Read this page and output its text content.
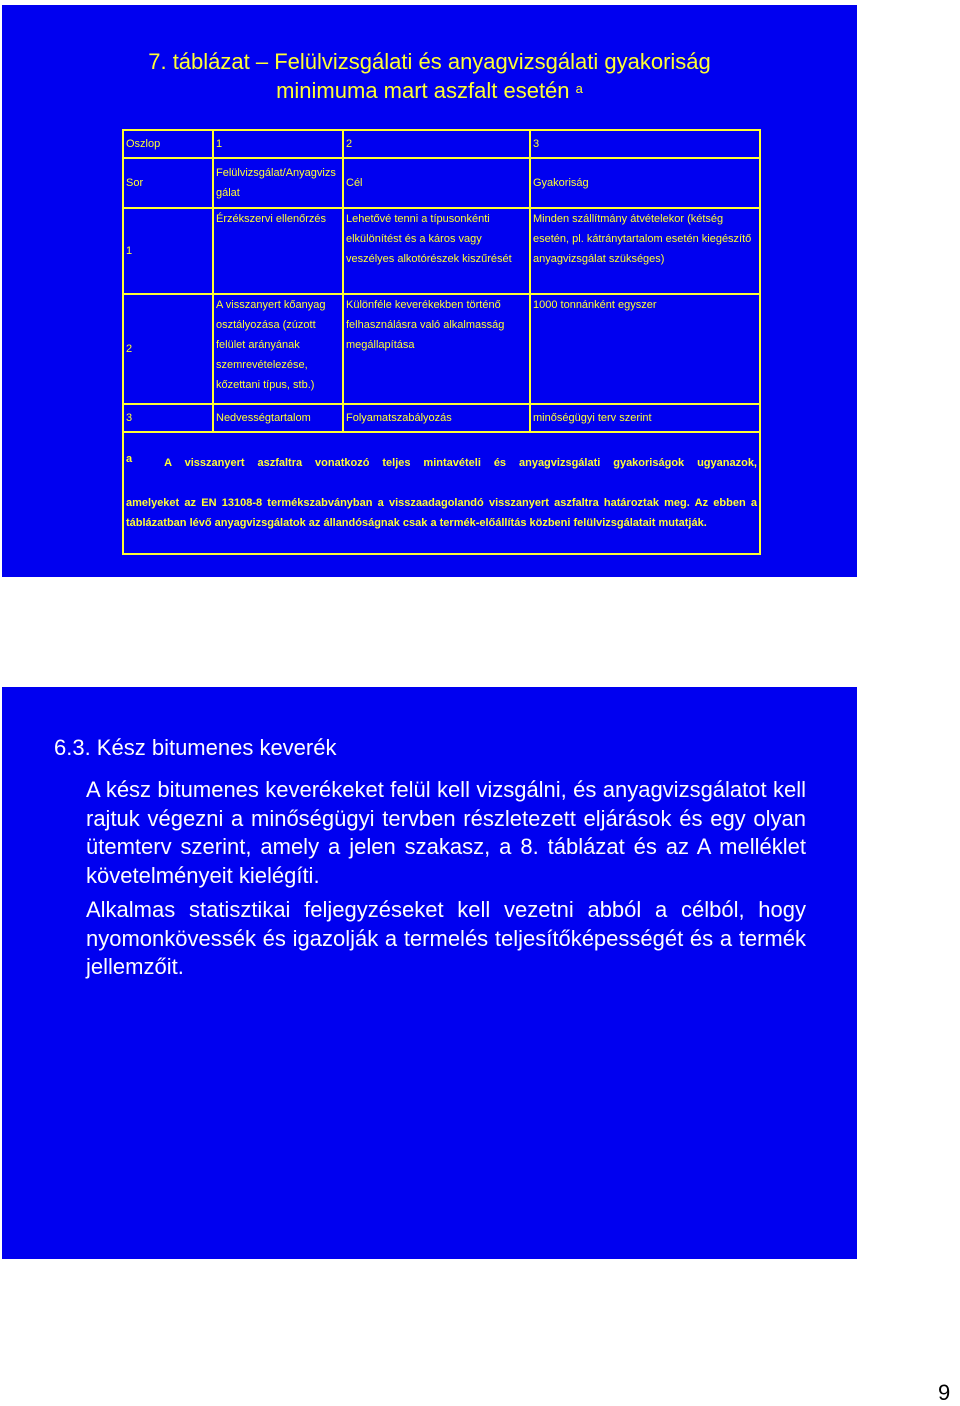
7. táblázat – Felülvizsgálati és anyagvizsgálati gyakoriság
minimuma mart aszfalt esetén $^a$
Oszlop	1	2	3
Sor	Felülvizsgálat/Anyagvizsgálat	Cél	Gyakoriság
1	Érzékszervi ellenőrzés	Lehetővé tenni a típusonkénti elkülönítést és a káros vagy veszélyes alkotórészek kiszűrését	Minden szállítmány átvételekor (kétség esetén, pl. kátránytartalom esetén kiegészítő anyagvizsgálat szükséges)
2	A visszanyert kőanyag osztályozása (zúzott felület arányának szemrevételezése, kőzettani típus, stb.)	Különféle keverékekben történő felhasználásra való alkalmasság megállapítása	1000 tonnánként egyszer
3	Nedvességtartalom	Folyamatszabályozás	minőségügyi terv szerint

a A visszanyert aszfaltra vonatkozó teljes mintavételi és anyagvizsgálati gyakoriságok ugyanazok,

amelyeket az EN 13108-8 termékszabványban a visszaadagolandó visszanyert aszfaltra határoztak meg. Az ebben a táblázatban lévő anyagvizsgálatok az állandóságnak csak a termék-előállítás közbeni felülvizsgálatait mutatják.			

6.3. Kész bitumenes keverék

A kész bitumenes keverékeket felül kell vizsgálni, és anyagvizsgálatot kell rajtuk végezni a minőségügyi tervben részletezett eljárások és egy olyan ütemterv szerint, amely a jelen szakasz, a 8. táblázat és az A melléklet követelményeit kielégíti.

Alkalmas statisztikai feljegyzéseket kell vezetni abból a célból, hogy nyomonkövessék és igazolják a termelés teljesítőképességét és a termék jellemzőit.

9
